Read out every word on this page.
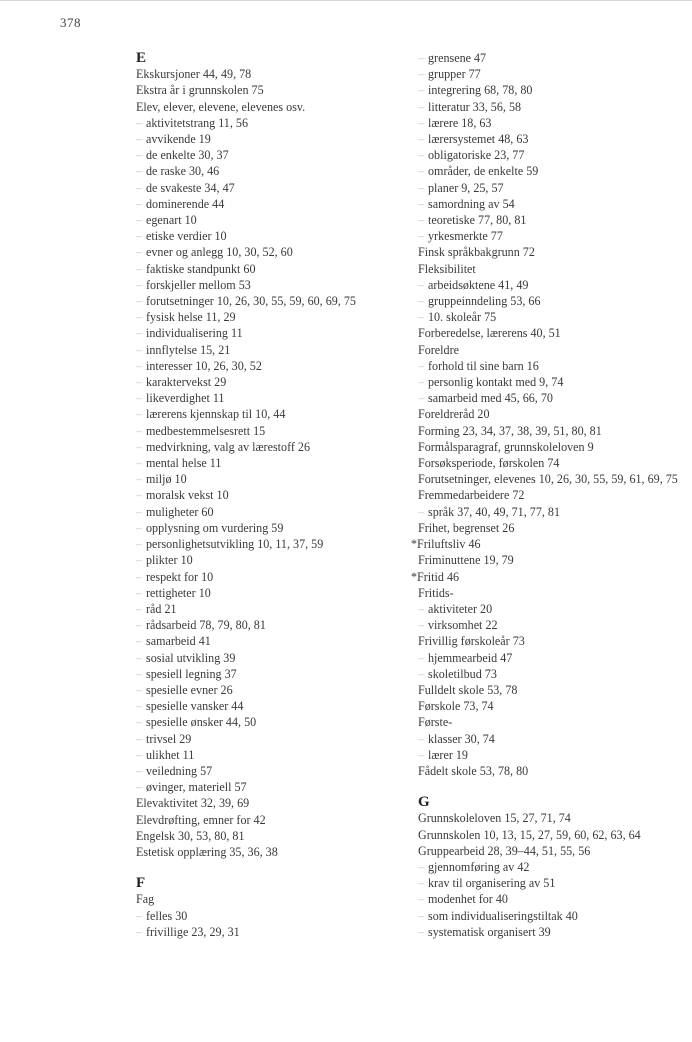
378
E
Ekskursjoner 44, 49, 78
Ekstra år i grunnskolen 75
Elev, elever, elevene, elevenes osv.
– aktivitetstrang 11, 56
– avvikende 19
– de enkelte 30, 37
– de raske 30, 46
– de svakeste 34, 47
– dominerende 44
– egenart 10
– etiske verdier 10
– evner og anlegg 10, 30, 52, 60
– faktiske standpunkt 60
– forskjeller mellom 53
– forutsetninger 10, 26, 30, 55, 59, 60, 69, 75
– fysisk helse 11, 29
– individualisering 11
– innflytelse 15, 21
– interesser 10, 26, 30, 52
– karaktervekst 29
– likeverdighet 11
– lærerens kjennskap til 10, 44
– medbestemmelsesrett 15
– medvirkning, valg av lærestoff 26
– mental helse 11
– miljø 10
– moralsk vekst 10
– muligheter 60
– opplysning om vurdering 59
– personlighetsutvikling 10, 11, 37, 59
– plikter 10
– respekt for 10
– rettigheter 10
– råd 21
– rådsarbeid 78, 79, 80, 81
– samarbeid 41
– sosial utvikling 39
– spesiell legning 37
– spesielle evner 26
– spesielle vansker 44
– spesielle ønsker 44, 50
– trivsel 29
– ulikhet 11
– veiledning 57
– øvinger, materiell 57
Elevaktivitet 32, 39, 69
Elevdrøfting, emner for 42
Engelsk 30, 53, 80, 81
Estetisk opplæring 35, 36, 38
F
Fag
– felles 30
– frivillige 23, 29, 31
– grensene 47
– grupper 77
– integrering 68, 78, 80
– litteratur 33, 56, 58
– lærere 18, 63
– lærersystemet 48, 63
– obligatoriske 23, 77
– områder, de enkelte 59
– planer 9, 25, 57
– samordning av 54
– teoretiske 77, 80, 81
– yrkesmerkte 77
Finsk språkbakgrunn 72
Fleksibilitet
– arbeidsøktene 41, 49
– gruppeinndeling 53, 66
– 10. skoleår 75
Forberedelse, lærerens 40, 51
Foreldre
– forhold til sine barn 16
– personlig kontakt med 9, 74
– samarbeid med 45, 66, 70
Foreldreråd 20
Forming 23, 34, 37, 38, 39, 51, 80, 81
Formålsparagraf, grunnskoleloven 9
Forsøksperiode, førskolen 74
Forutsetninger, elevenes 10, 26, 30, 55, 59, 61, 69, 75
Fremmedarbeidere 72
– språk 37, 40, 49, 71, 77, 81
Frihet, begrenset 26
*Friluftsliv 46
Friminuttene 19, 79
*Fritid 46
Fritids-
– aktiviteter 20
– virksomhet 22
Frivillig førskoleår 73
– hjemmearbeid 47
– skoletilbud 73
Fulldelt skole 53, 78
Førskole 73, 74
Første-
– klasser 30, 74
– lærer 19
Fådelt skole 53, 78, 80
G
Grunnskoleloven 15, 27, 71, 74
Grunnskolen 10, 13, 15, 27, 59, 60, 62, 63, 64
Gruppearbeid 28, 39–44, 51, 55, 56
– gjennomføring av 42
– krav til organisering av 51
– modenhet for 40
– som individualiseringstiltak 40
– systematisk organisert 39
